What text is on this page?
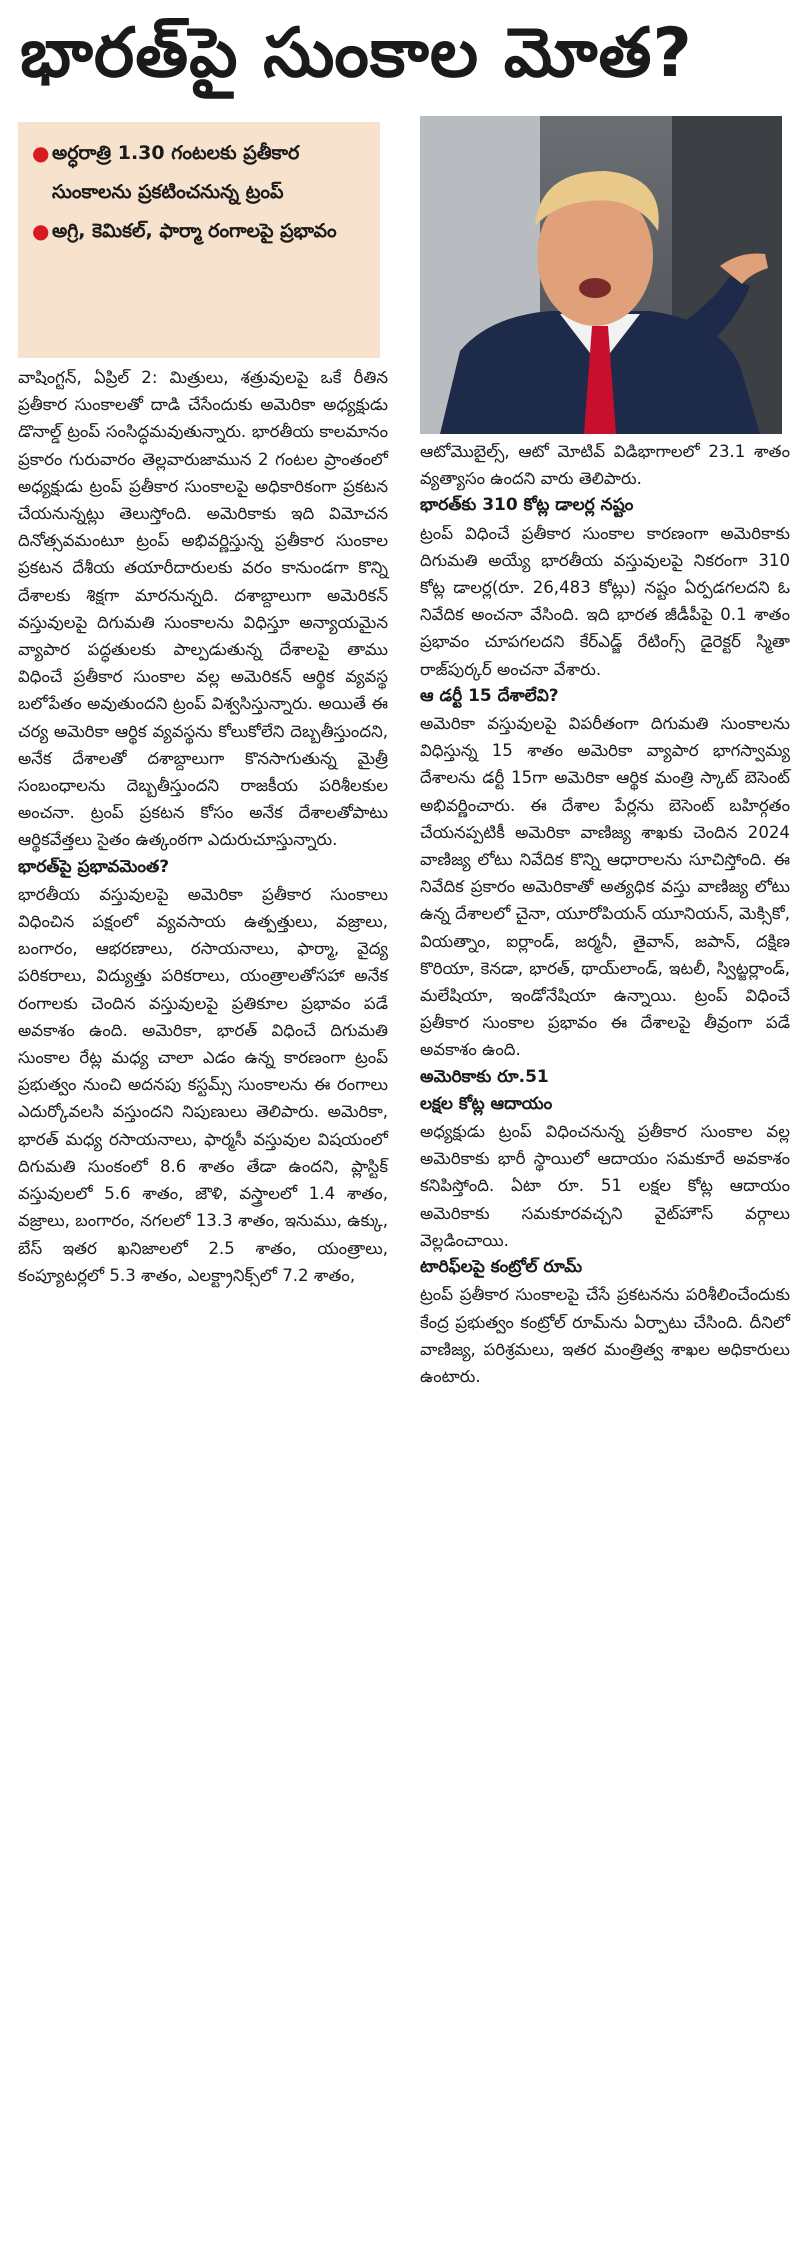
భారత్‌పై సుంకాల మోత?
● అర్ధరాత్రి 1.30 గంటలకు ప్రతీకార సుంకాలను ప్రకటించనున్న ట్రంప్
● అగ్రి, కెమికల్, ఫార్మా రంగాలపై ప్రభావం

వాషింగ్టన్, ఏప్రిల్ 2: మిత్రులు, శత్రువులపై ఒకే రీతిన ప్రతీకార సుంకాలతో దాడి చేసేందుకు అమెరికా అధ్యక్షుడు డొనాల్డ్ ట్రంప్ సంసిద్ధమవుతున్నారు. భారతీయ కాలమానం ప్రకారం గురువారం తెల్లవారుజామున 2 గంటల ప్రాంతంలో అధ్యక్షుడు ట్రంప్ ప్రతీకార సుంకాలపై అధికారికంగా ప్రకటన చేయనున్నట్లు తెలుస్తోంది. అమెరికాకు ఇది విమోచన దినోత్సవమంటూ ట్రంప్ అభివర్ణిస్తున్న ప్రతీకార సుంకాల ప్రకటన దేశీయ తయారీదారులకు వరం కానుండగా కొన్ని దేశాలకు శిక్షగా మారనున్నది. దశాబ్దాలుగా అమెరికన్ వస్తువులపై దిగుమతి సుంకాలను విధిస్తూ అన్యాయమైన వ్యాపార పద్ధతులకు పాల్పడుతున్న దేశాలపై తాము విధించే ప్రతీకార సుంకాల వల్ల అమెరికన్ ఆర్థిక వ్యవస్థ బలోపేతం అవుతుందని ట్రంప్ విశ్వసిస్తున్నారు. అయితే ఈ చర్య అమెరికా ఆర్థిక వ్యవస్థను కోలుకోలేని దెబ్బతీస్తుందని, అనేక దేశాలతో దశాబ్దాలుగా కొనసాగుతున్న మైత్రీ సంబంధాలను దెబ్బతీస్తుందని రాజకీయ పరిశీలకుల అంచనా. ట్రంప్ ప్రకటన కోసం అనేక దేశాలతోపాటు ఆర్థికవేత్తలు సైతం ఉత్కంఠగా ఎదురుచూస్తున్నారు.

భారత్‌పై ప్రభావమెంత?

భారతీయ వస్తువులపై అమెరికా ప్రతీకార సుంకాలు విధించిన పక్షంలో వ్యవసాయ ఉత్పత్తులు, వజ్రాలు, బంగారం, ఆభరణాలు, రసాయనాలు, ఫార్మా, వైద్య పరికరాలు, విద్యుత్తు పరికరాలు, యంత్రాలతోసహా అనేక రంగాలకు చెందిన వస్తువులపై ప్రతికూల ప్రభావం పడే అవకాశం ఉంది. అమెరికా, భారత్ విధించే దిగుమతి సుంకాల రేట్ల మధ్య చాలా ఎడం ఉన్న కారణంగా ట్రంప్ ప్రభుత్వం నుంచి అదనపు కస్టమ్స్ సుంకాలను ఈ రంగాలు ఎదుర్కోవలసి వస్తుందని నిపుణులు తెలిపారు. అమెరికా, భారత్ మధ్య రసాయనాలు, ఫార్మసీ వస్తువుల విషయంలో దిగుమతి సుంకంలో 8.6 శాతం తేడా ఉందని, ప్లాస్టిక్ వస్తువులలో 5.6 శాతం, జౌళి, వస్త్రాలలో 1.4 శాతం, వజ్రాలు, బంగారం, నగలలో 13.3 శాతం, ఇనుము, ఉక్కు, బేస్ ఇతర ఖనిజాలలో 2.5 శాతం, యంత్రాలు, కంప్యూటర్లలో 5.3 శాతం, ఎలక్ట్రానిక్స్‌లో 7.2 శాతం,

ఆటోమొబైల్స్, ఆటో మోటివ్ విడిభాగాలలో 23.1 శాతం వ్యత్యాసం ఉందని వారు తెలిపారు.

భారత్‌కు 310 కోట్ల డాలర్ల నష్టం

ట్రంప్ విధించే ప్రతీకార సుంకాల కారణంగా అమెరికాకు దిగుమతి అయ్యే భారతీయ వస్తువులపై నికరంగా 310 కోట్ల డాలర్ల(రూ. 26,483 కోట్లు) నష్టం ఏర్పడగలదని ఓ నివేదిక అంచనా వేసింది. ఇది భారత జీడీపీపై 0.1 శాతం ప్రభావం చూపగలదని కేర్‌ఎడ్జ్ రేటింగ్స్ డైరెక్టర్ స్మితా రాజ్‌పుర్కర్ అంచనా వేశారు.

ఆ డర్టీ 15 దేశాలేవి?

అమెరికా వస్తువులపై విపరీతంగా దిగుమతి సుంకాలను విధిస్తున్న 15 శాతం అమెరికా వ్యాపార భాగస్వామ్య దేశాలను డర్టీ 15గా అమెరికా ఆర్థిక మంత్రి స్కాట్ బెసెంట్ అభివర్ణించారు. ఈ దేశాల పేర్లను బెసెంట్ బహిర్గతం చేయనప్పటికీ అమెరికా వాణిజ్య శాఖకు చెందిన 2024 వాణిజ్య లోటు నివేదిక కొన్ని ఆధారాలను సూచిస్తోంది. ఈ నివేదిక ప్రకారం అమెరికాతో అత్యధిక వస్తు వాణిజ్య లోటు ఉన్న దేశాలలో చైనా, యూరోపియన్ యూనియన్, మెక్సికో, వియత్నాం, ఐర్లాండ్, జర్మనీ, తైవాన్, జపాన్, దక్షిణ కొరియా, కెనడా, భారత్, థాయ్‌లాండ్, ఇటలీ, స్విట్జర్లాండ్, మలేషియా, ఇండోనేషియా ఉన్నాయి. ట్రంప్ విధించే ప్రతీకార సుంకాల ప్రభావం ఈ దేశాలపై తీవ్రంగా పడే అవకాశం ఉంది.

అమెరికాకు రూ.51

లక్షల కోట్ల ఆదాయం

అధ్యక్షుడు ట్రంప్ విధించనున్న ప్రతీకార సుంకాల వల్ల అమెరికాకు భారీ స్థాయిలో ఆదాయం సమకూరే అవకాశం కనిపిస్తోంది. ఏటా రూ. 51 లక్షల కోట్ల ఆదాయం అమెరికాకు సమకూరవచ్చని వైట్‌హౌస్ వర్గాలు వెల్లడించాయి.

టారిఫ్‌లపై కంట్రోల్ రూమ్

ట్రంప్ ప్రతీకార సుంకాలపై చేసే ప్రకటనను పరిశీలించేందుకు కేంద్ర ప్రభుత్వం కంట్రోల్ రూమ్‌ను ఏర్పాటు చేసింది. దీనిలో వాణిజ్య, పరిశ్రమలు, ఇతర మంత్రిత్వ శాఖల అధికారులు ఉంటారు.
